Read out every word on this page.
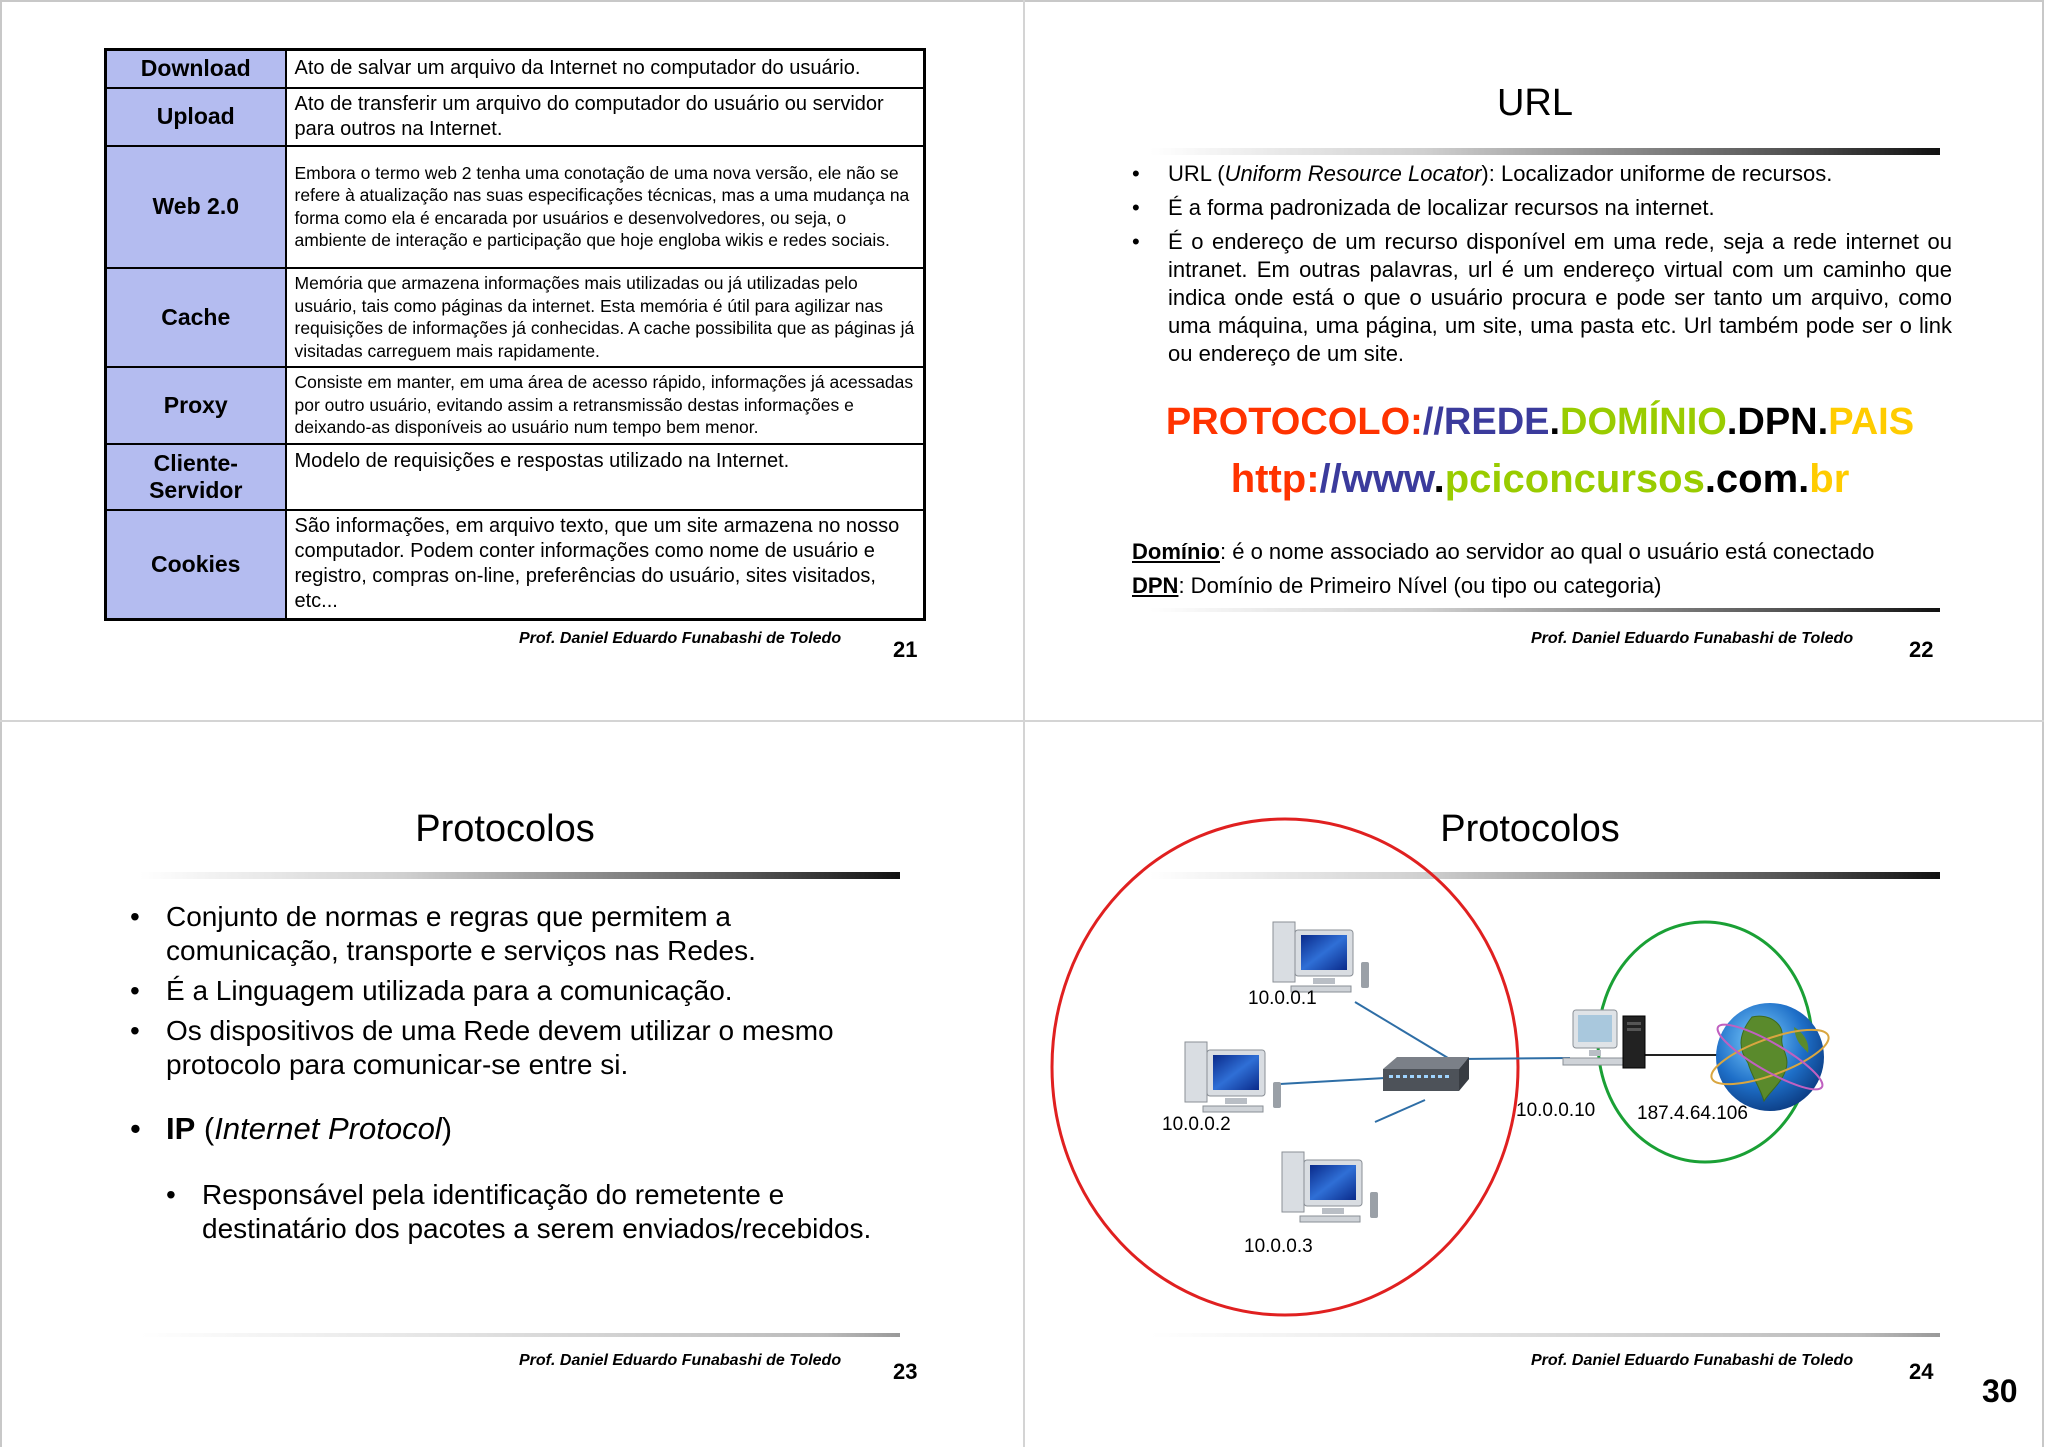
Download	Ato de salvar um arquivo da Internet no computador do usuário.
Upload	Ato de transferir um arquivo do computador do usuário ou servidor para outros na Internet.
Web 2.0	Embora o termo web 2 tenha uma conotação de uma nova versão, ele não se refere à atualização nas suas especificações técnicas, mas a uma mudança na forma como ela é encarada por usuários e desenvolvedores, ou seja, o ambiente de interação e participação que hoje engloba wikis e redes sociais.
Cache	Memória que armazena informações mais utilizadas ou já utilizadas pelo usuário, tais como páginas da internet. Esta memória é útil para agilizar nas requisições de informações já conhecidas. A cache possibilita que as páginas já visitadas carreguem mais rapidamente.
Proxy	Consiste em manter, em uma área de acesso rápido, informações já acessadas por outro usuário, evitando assim a retransmissão destas informações e deixando-as disponíveis ao usuário num tempo bem menor.
Cliente-Servidor	Modelo de requisições e respostas utilizado na Internet.
Cookies	São informações, em arquivo texto, que um site armazena no nosso computador. Podem conter informações como nome de usuário e registro, compras on-line, preferências do usuário, sites visitados, etc...
Prof. Daniel Eduardo Funabashi de Toledo 21
URL
• URL (Uniform Resource Locator): Localizador uniforme de recursos.
• É a forma padronizada de localizar recursos na internet.
• É o endereço de um recurso disponível em uma rede, seja a rede internet ou intranet. Em outras palavras, url é um endereço virtual com um caminho que indica onde está o que o usuário procura e pode ser tanto um arquivo, como uma máquina, uma página, um site, uma pasta etc. Url também pode ser o link ou endereço de um site.
PROTOCOLO://REDE.DOMÍNIO.DPN.PAIS
http://www.pciconcursos.com.br
Domínio: é o nome associado ao servidor ao qual o usuário está conectado
DPN: Domínio de Primeiro Nível (ou tipo ou categoria)
Prof. Daniel Eduardo Funabashi de Toledo	22
Protocolos
• Conjunto de normas e regras que permitem a comunicação, transporte e serviços nas Redes.
• É a Linguagem utilizada para a comunicação.
• Os dispositivos de uma Rede devem utilizar o mesmo protocolo para comunicar-se entre si.
• IP (Internet Protocol)
• Responsável pela identificação do remetente e destinatário dos pacotes a serem enviados/recebidos.
Prof. Daniel Eduardo Funabashi de Toledo 23
Protocolos
10.0.0.1
10.0.0.2
10.0.0.3
10.0.0.10 187.4.64.106
Prof. Daniel Eduardo Funabashi de Toledo	24
30
